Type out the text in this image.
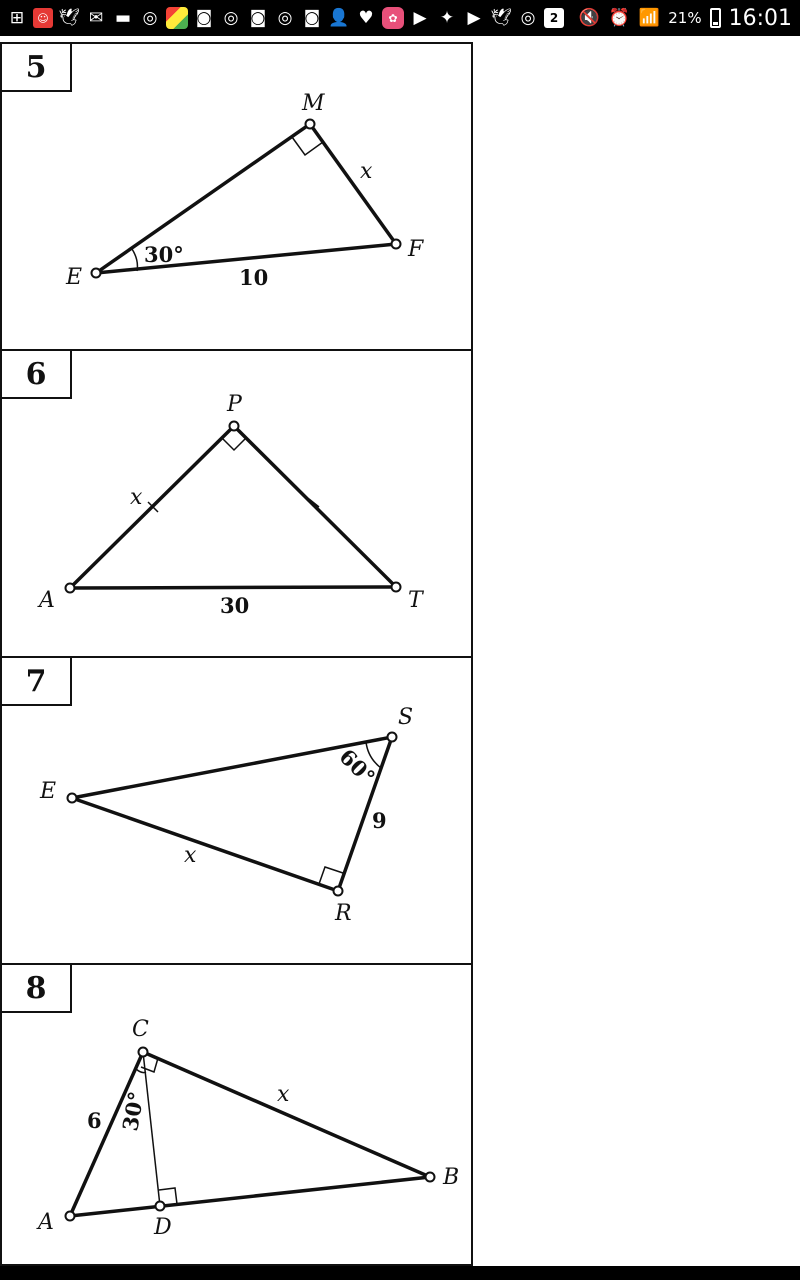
⊞	☺ 🕊 ✉ ▬ ◎ ◙ ◎ ◙ ◎ ◙ 👤 ♥	✿ ▶ ✦ ▶ 🕊 ◎	2	🔇 ⏰ 📶 21% 16:01
5
M
F
E
x
30°
10
6
P
A	T
x
30
7
S
E
R
x
9
60°
8
C
A	D
B
x
6 30°
